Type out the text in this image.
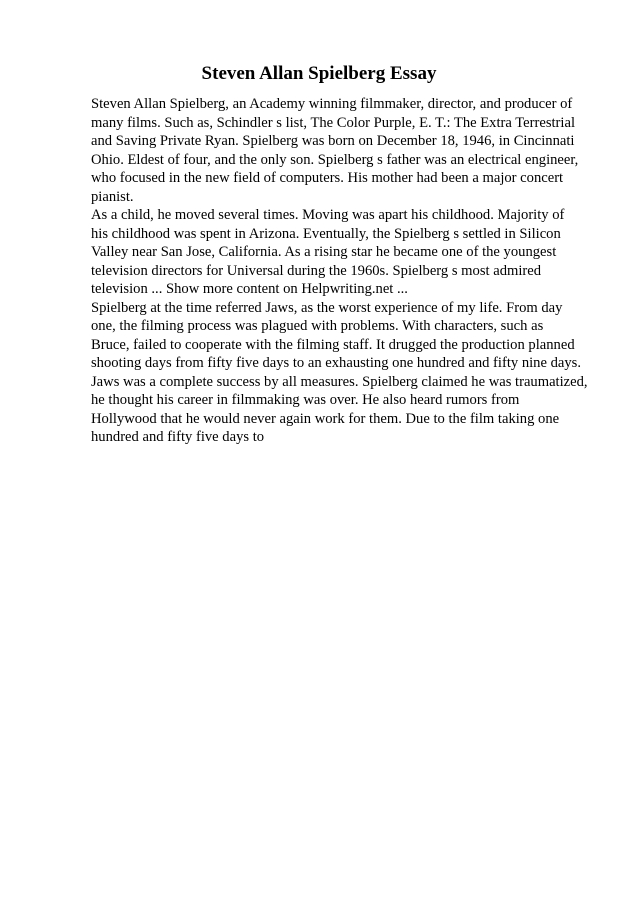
Steven Allan Spielberg Essay
Steven Allan Spielberg, an Academy winning filmmaker, director, and producer of
many films. Such as, Schindler s list, The Color Purple, E. T.: The Extra Terrestrial
and Saving Private Ryan. Spielberg was born on December 18, 1946, in Cincinnati
Ohio. Eldest of four, and the only son. Spielberg s father was an electrical engineer,
who focused in the new field of computers. His mother had been a major concert
pianist.
As a child, he moved several times. Moving was apart his childhood. Majority of
his childhood was spent in Arizona. Eventually, the Spielberg s settled in Silicon
Valley near San Jose, California. As a rising star he became one of the youngest
television directors for Universal during the 1960s. Spielberg s most admired
television ... Show more content on Helpwriting.net ...
Spielberg at the time referred Jaws, as the worst experience of my life. From day
one, the filming process was plagued with problems. With characters, such as
Bruce, failed to cooperate with the filming staff. It drugged the production planned
shooting days from fifty five days to an exhausting one hundred and fifty nine days.
Jaws was a complete success by all measures. Spielberg claimed he was traumatized,
he thought his career in filmmaking was over. He also heard rumors from
Hollywood that he would never again work for them. Due to the film taking one
hundred and fifty five days to
